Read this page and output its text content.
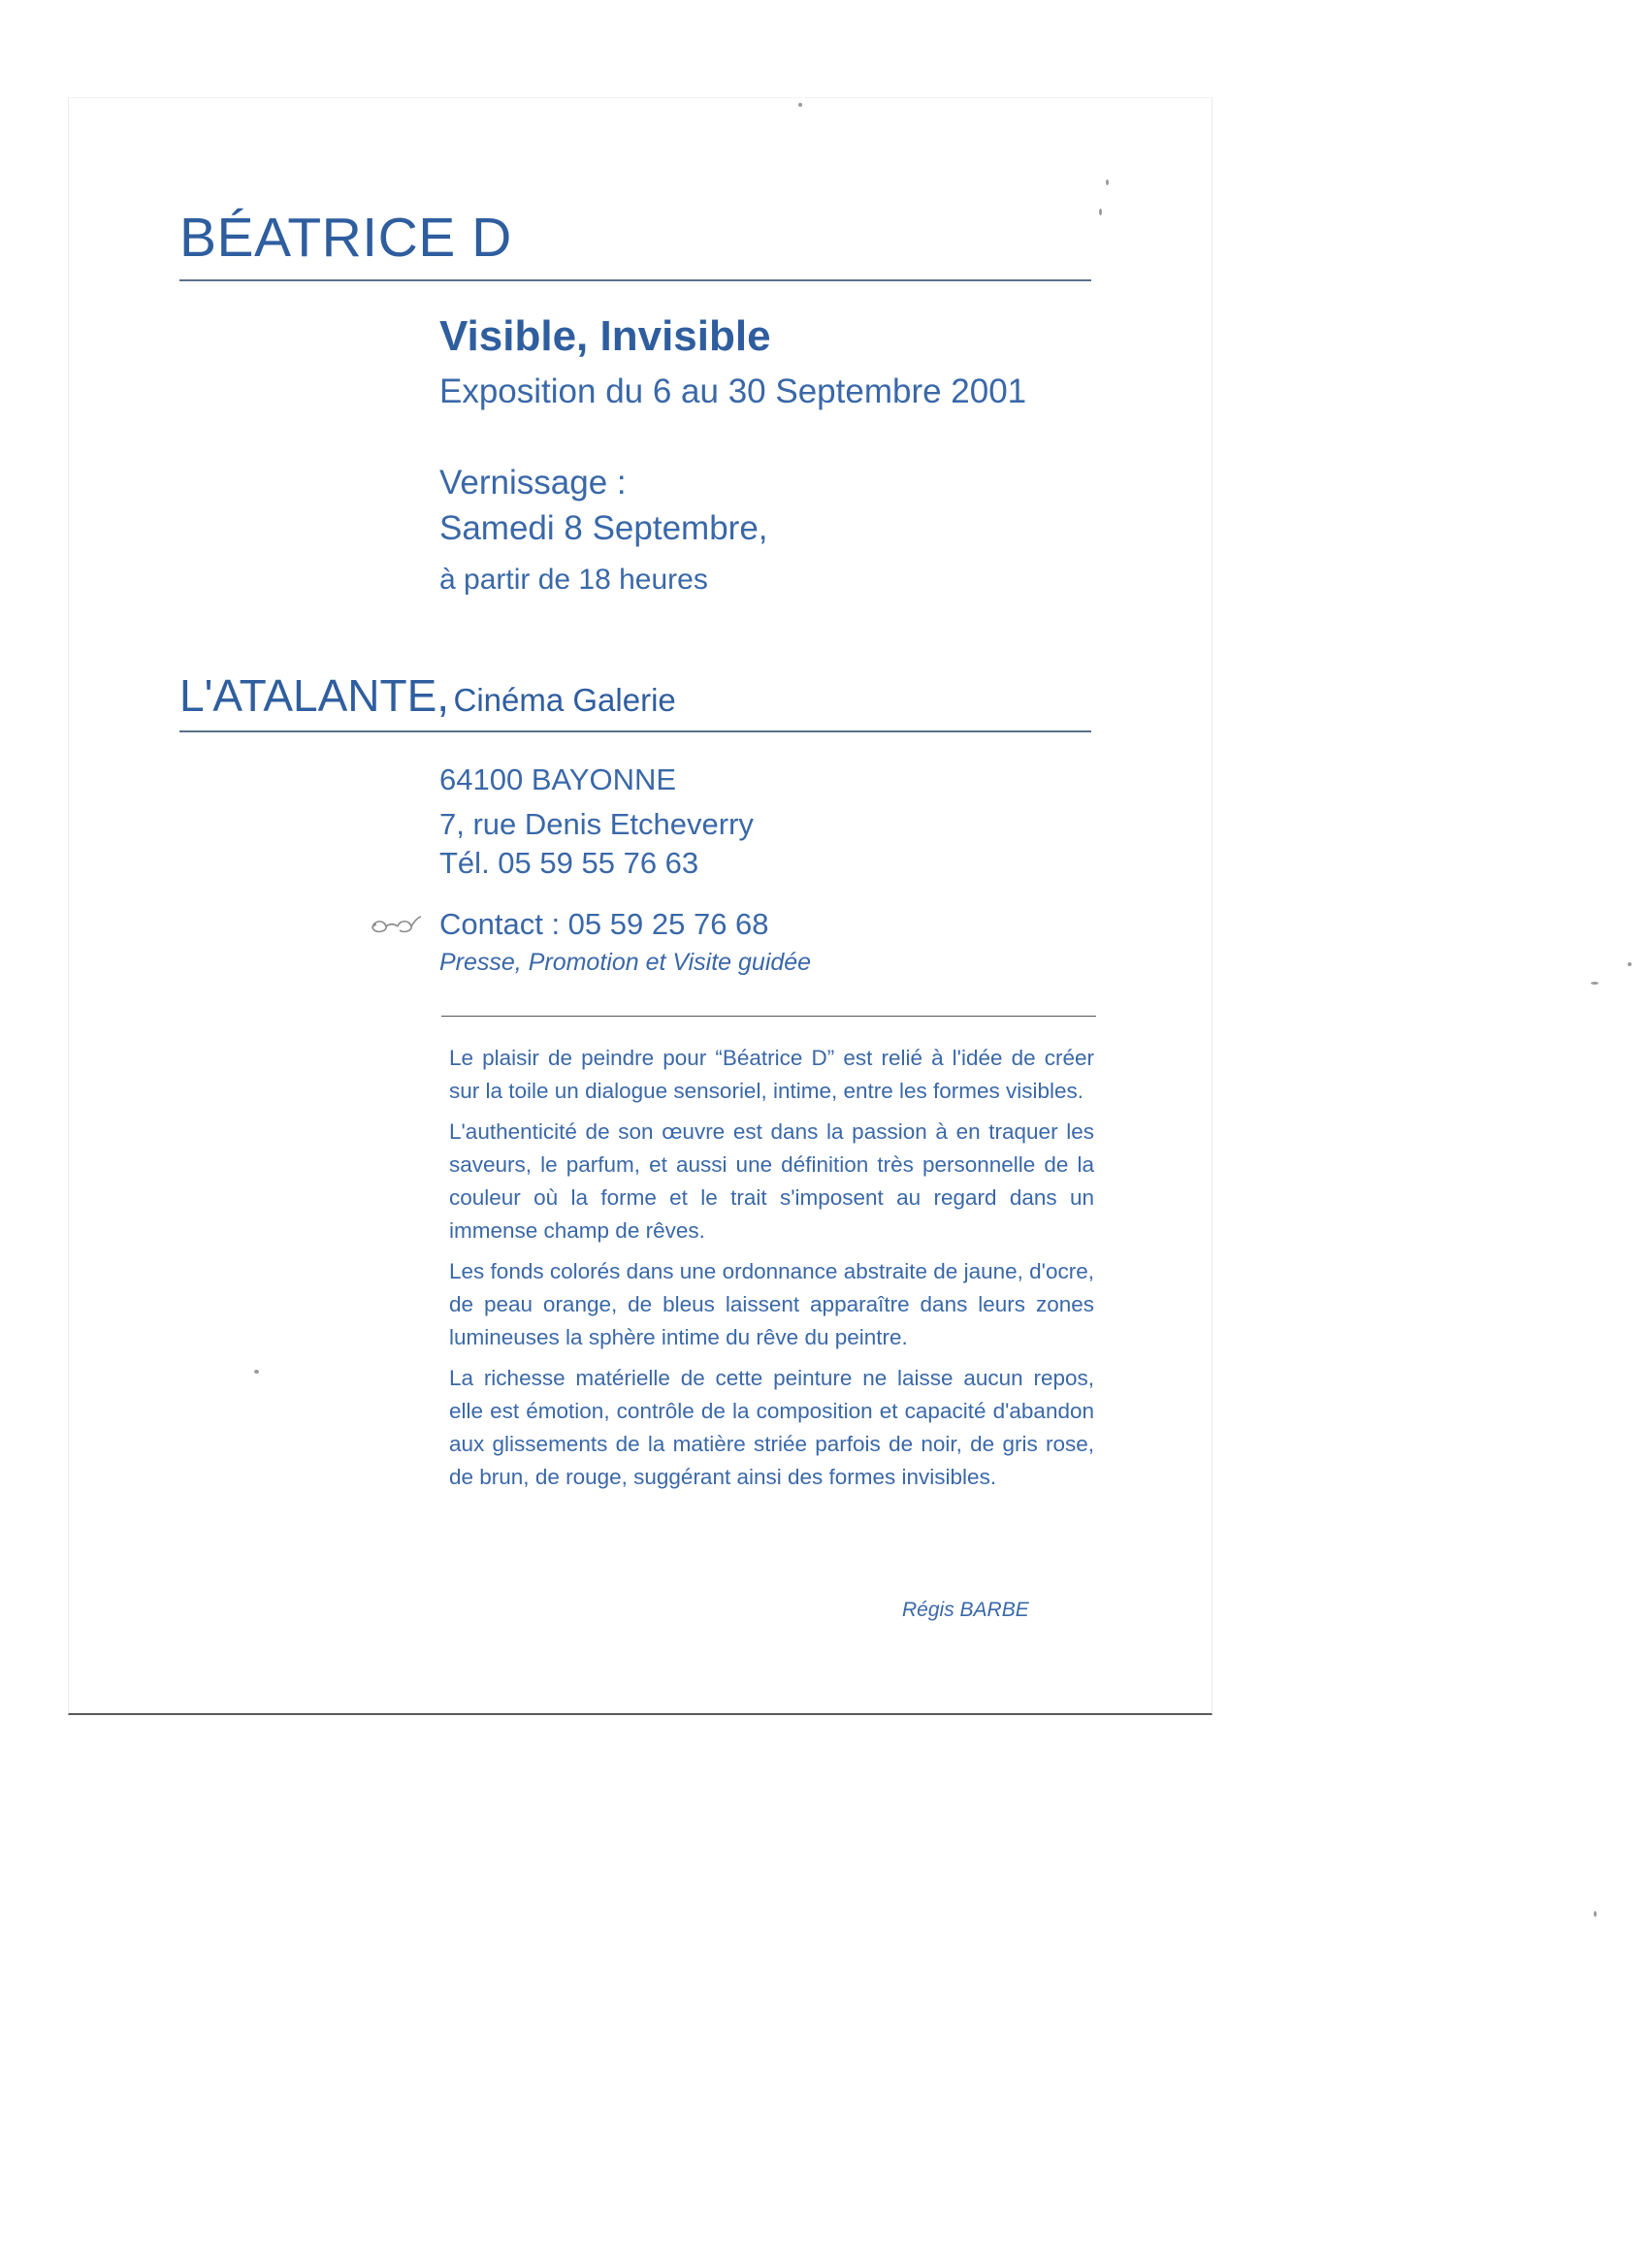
BÉATRICE D
Visible, Invisible
Exposition du 6 au 30 Septembre 2001
Vernissage :
Samedi 8 Septembre,
à partir de 18 heures
L'ATALANTE, Cinéma Galerie
64100 BAYONNE
7, rue Denis Etcheverry
Tél. 05 59 55 76 63
Contact : 05 59 25 76 68
Presse, Promotion et Visite guidée

Le plaisir de peindre pour “Béatrice D” est relié à l'idée de créer sur la toile un dialogue sensoriel, intime, entre les formes visibles.

L'authenticité de son œuvre est dans la passion à en traquer les saveurs, le parfum, et aussi une définition très personnelle de la couleur où la forme et le trait s'imposent au regard dans un immense champ de rêves.

Les fonds colorés dans une ordonnance abstraite de jaune, d'ocre, de peau orange, de bleus laissent apparaître dans leurs zones lumineuses la sphère intime du rêve du peintre.

La richesse matérielle de cette peinture ne laisse aucun repos, elle est émotion, contrôle de la composition et capacité d'abandon aux glissements de la matière striée parfois de noir, de gris rose, de brun, de rouge, suggérant ainsi des formes invisibles.

Régis BARBE
